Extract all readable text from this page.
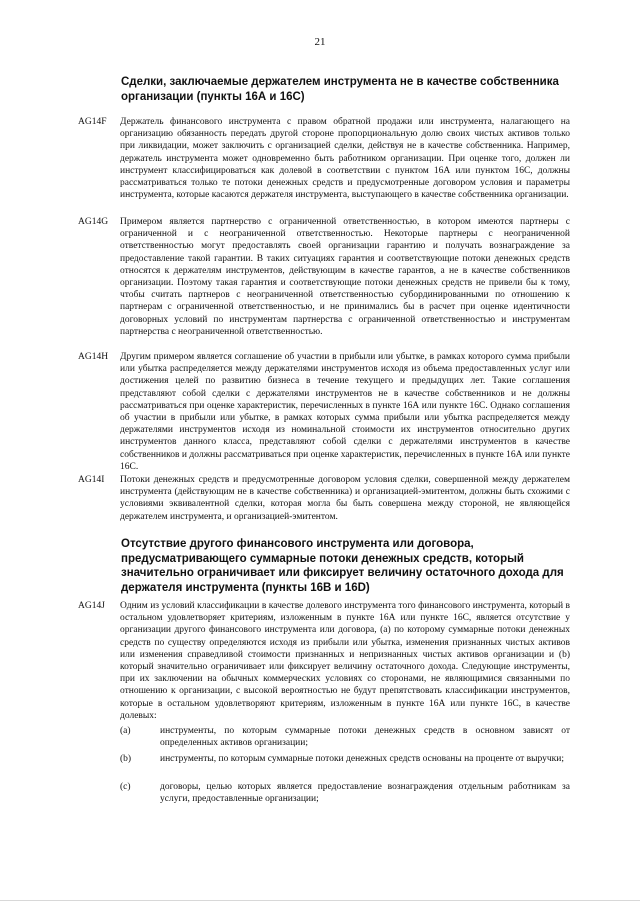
21
Сделки, заключаемые держателем инструмента не в качестве собственника организации (пункты 16А и 16С)
AG14F	Держатель финансового инструмента с правом обратной продажи или инструмента, налагающего на организацию обязанность передать другой стороне пропорциональную долю своих чистых активов только при ликвидации, может заключить с организацией сделки, действуя не в качестве собственника. Например, держатель инструмента может одновременно быть работником организации. При оценке того, должен ли инструмент классифицироваться как долевой в соответствии с пунктом 16А или пунктом 16С, должны рассматриваться только те потоки денежных средств и предусмотренные договором условия и параметры инструмента, которые касаются держателя инструмента, выступающего в качестве собственника организации.
AG14G	Примером является партнерство с ограниченной ответственностью, в котором имеются партнеры с ограниченной и с неограниченной ответственностью. Некоторые партнеры с неограниченной ответственностью могут предоставлять своей организации гарантию и получать вознаграждение за предоставление такой гарантии. В таких ситуациях гарантия и соответствующие потоки денежных средств относятся к держателям инструментов, действующим в качестве гарантов, а не в качестве собственников организации. Поэтому такая гарантия и соответствующие потоки денежных средств не привели бы к тому, чтобы считать партнеров с неограниченной ответственностью субординированными по отношению к партнерам с ограниченной ответственностью, и не принимались бы в расчет при оценке идентичности договорных условий по инструментам партнерства с ограниченной ответственностью и инструментам партнерства с неограниченной ответственностью.
AG14H	Другим примером является соглашение об участии в прибыли или убытке, в рамках которого сумма прибыли или убытка распределяется между держателями инструментов исходя из объема предоставленных услуг или достижения целей по развитию бизнеса в течение текущего и предыдущих лет. Такие соглашения представляют собой сделки с держателями инструментов не в качестве собственников и не должны рассматриваться при оценке характеристик, перечисленных в пункте 16А или пункте 16С. Однако соглашения об участии в прибыли или убытке, в рамках которых сумма прибыли или убытка распределяется между держателями инструментов исходя из номинальной стоимости их инструментов относительно других инструментов данного класса, представляют собой сделки с держателями инструментов в качестве собственников и должны рассматриваться при оценке характеристик, перечисленных в пункте 16А или пункте 16С.
AG14I	Потоки денежных средств и предусмотренные договором условия сделки, совершенной между держателем инструмента (действующим не в качестве собственника) и организацией-эмитентом, должны быть схожими с условиями эквивалентной сделки, которая могла бы быть совершена между стороной, не являющейся держателем инструмента, и организацией-эмитентом.
Отсутствие другого финансового инструмента или договора, предусматривающего суммарные потоки денежных средств, который значительно ограничивает или фиксирует величину остаточного дохода для держателя инструмента (пункты 16В и 16D)
AG14J	Одним из условий классификации в качестве долевого инструмента того финансового инструмента, который в остальном удовлетворяет критериям, изложенным в пункте 16А или пункте 16С, является отсутствие у организации другого финансового инструмента или договора, (а) по которому суммарные потоки денежных средств по существу определяются исходя из прибыли или убытка, изменения признанных чистых активов или изменения справедливой стоимости признанных и непризнанных чистых активов организации и (b) который значительно ограничивает или фиксирует величину остаточного дохода. Следующие инструменты, при их заключении на обычных коммерческих условиях со сторонами, не являющимися связанными по отношению к организации, с высокой вероятностью не будут препятствовать классификации инструментов, которые в остальном удовлетворяют критериям, изложенным в пункте 16А или пункте 16С, в качестве долевых:
(a)	инструменты, по которым суммарные потоки денежных средств в основном зависят от определенных активов организации;
(b)	инструменты, по которым суммарные потоки денежных средств основаны на проценте от выручки;
(c)	договоры, целью которых является предоставление вознаграждения отдельным работникам за услуги, предоставленные организации;
